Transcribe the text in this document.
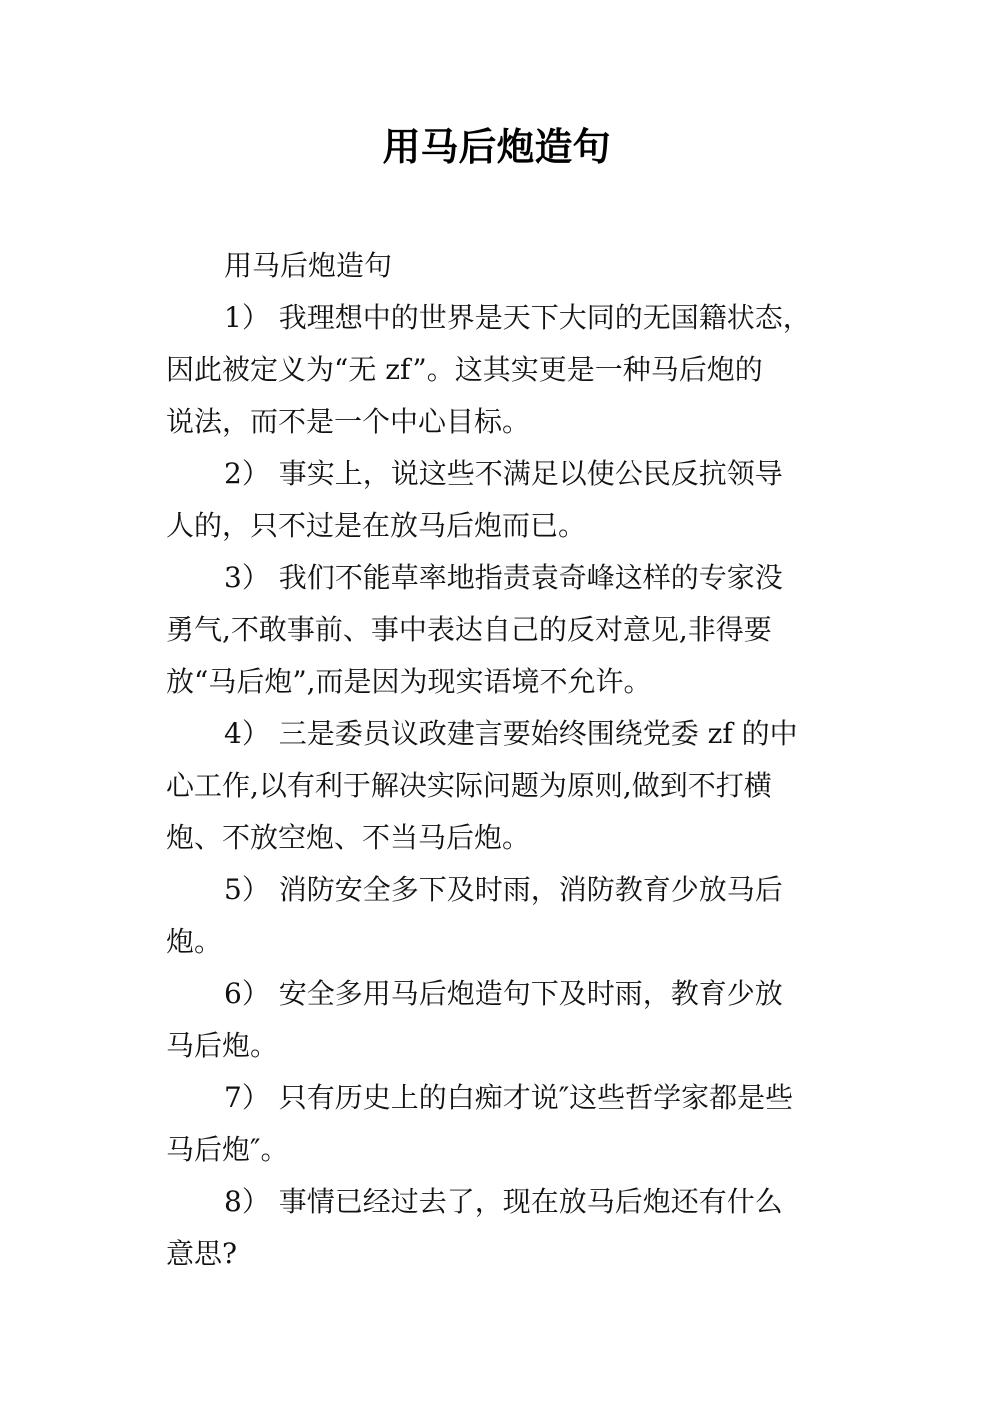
用马后炮造句

用马后炮造句

1） 我理想中的世界是天下大同的无国籍状态，
因此被定义为“无 zf”。这其实更是一种马后炮的
说法，而不是一个中心目标。

2） 事实上，说这些不满足以使公民反抗领导
人的，只不过是在放马后炮而已。

3） 我们不能草率地指责袁奇峰这样的专家没
勇气,不敢事前、事中表达自己的反对意见,非得要
放“马后炮”,而是因为现实语境不允许。

4） 三是委员议政建言要始终围绕党委 zf 的中
心工作,以有利于解决实际问题为原则,做到不打横
炮、不放空炮、不当马后炮。

5） 消防安全多下及时雨，消防教育少放马后
炮。

6） 安全多用马后炮造句下及时雨，教育少放
马后炮。

7） 只有历史上的白痴才说″这些哲学家都是些
马后炮″。

8） 事情已经过去了，现在放马后炮还有什么
意思?
